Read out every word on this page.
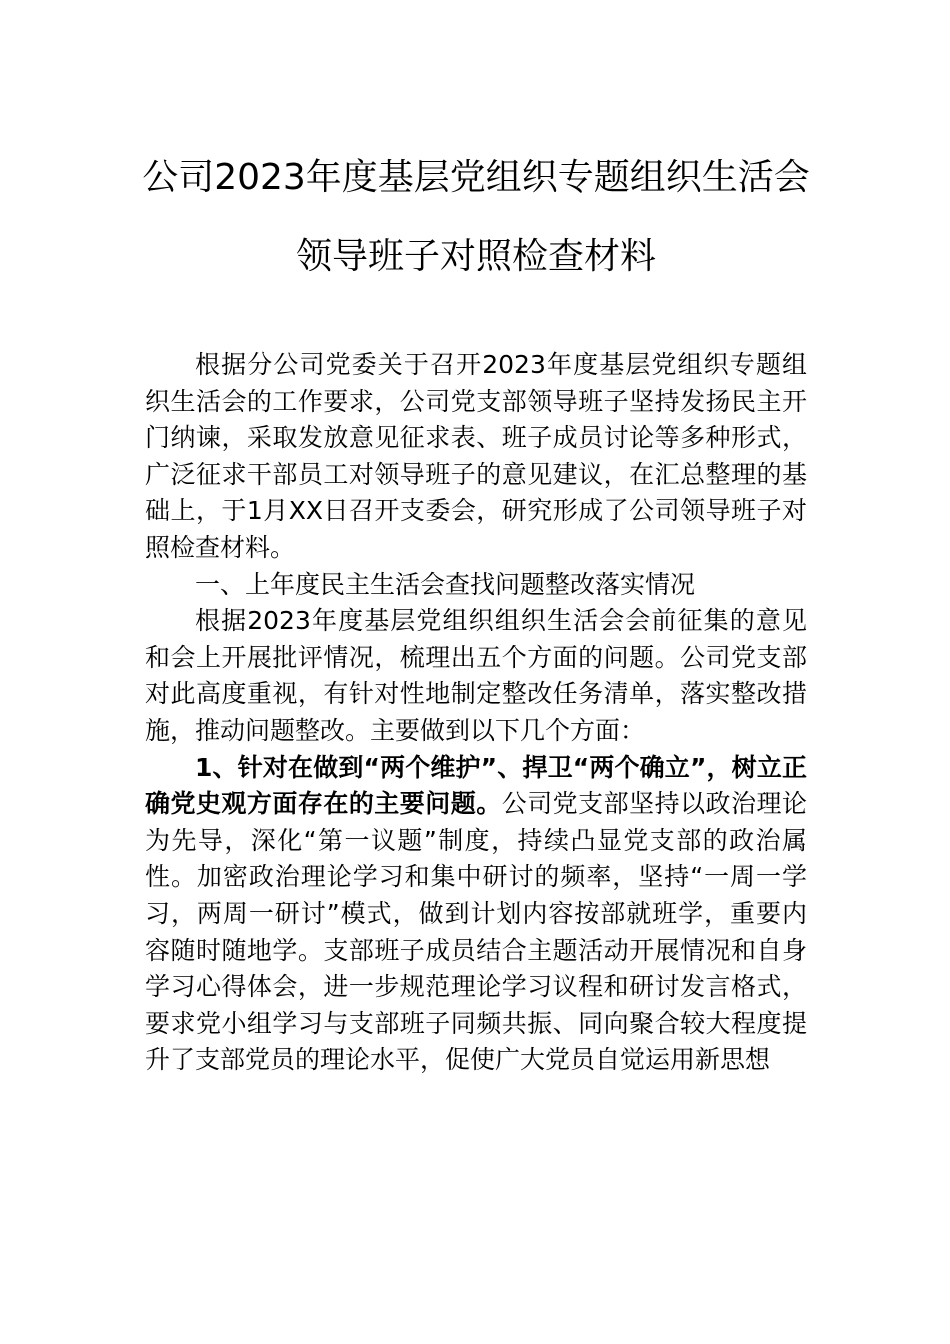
公司2023年度基层党组织专题组织生活会
领导班子对照检查材料

根据分公司党委关于召开2023年度基层党组织专题组织生活会的工作要求，公司党支部领导班子坚持发扬民主开门纳谏，采取发放意见征求表、班子成员讨论等多种形式，广泛征求干部员工对领导班子的意见建议，在汇总整理的基础上，于1月XX日召开支委会，研究形成了公司领导班子对照检查材料。

一、上年度民主生活会查找问题整改落实情况

根据2023年度基层党组织组织生活会会前征集的意见和会上开展批评情况，梳理出五个方面的问题。公司党支部对此高度重视，有针对性地制定整改任务清单，落实整改措施，推动问题整改。主要做到以下几个方面：

1、针对在做到“两个维护”、捍卫“两个确立”，树立正确党史观方面存在的主要问题。公司党支部坚持以政治理论为先导，深化“第一议题”制度，持续凸显党支部的政治属性。加密政治理论学习和集中研讨的频率，坚持“一周一学习，两周一研讨”模式，做到计划内容按部就班学，重要内容随时随地学。支部班子成员结合主题活动开展情况和自身学习心得体会，进一步规范理论学习议程和研讨发言格式，要求党小组学习与支部班子同频共振、同向聚合较大程度提升了支部党员的理论水平，促使广大党员自觉运用新思想
